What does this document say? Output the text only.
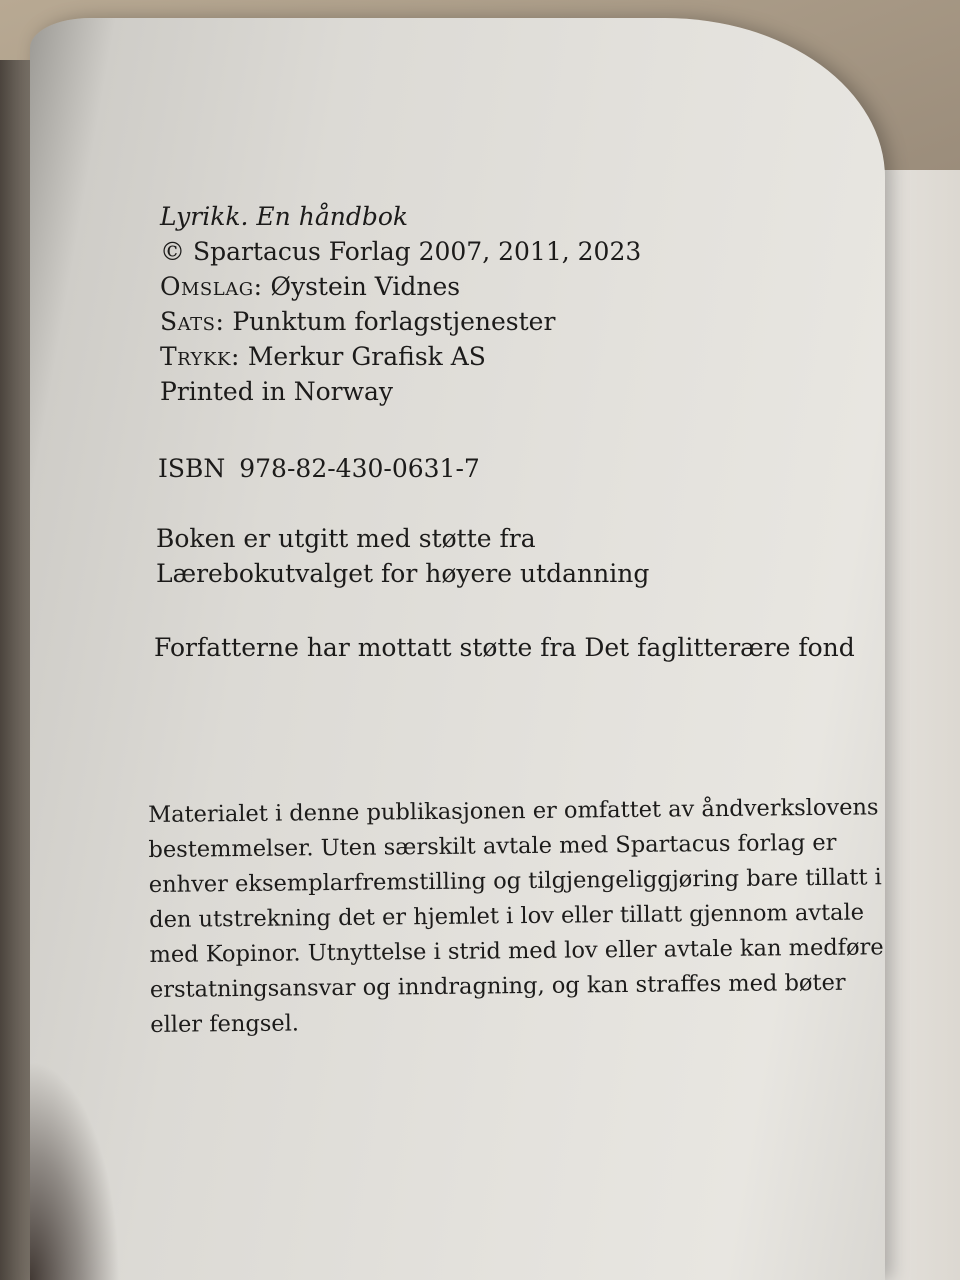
Lyrikk. En håndbok
© Spartacus Forlag 2007, 2011, 2023
Omslag: Øystein Vidnes
Sats: Punktum forlagstjenester
Trykk: Merkur Grafisk AS
Printed in Norway
ISBN 978-82-430-0631-7
Boken er utgitt med støtte fra
Lærebokutvalget for høyere utdanning
Forfatterne har mottatt støtte fra Det faglitterære fond
Materialet i denne publikasjonen er omfattet av åndverkslovens
bestemmelser. Uten særskilt avtale med Spartacus forlag er
enhver eksemplarfremstilling og tilgjengeliggjøring bare tillatt i
den utstrekning det er hjemlet i lov eller tillatt gjennom avtale
med Kopinor. Utnyttelse i strid med lov eller avtale kan medføre
erstatningsansvar og inndragning, og kan straffes med bøter
eller fengsel.
